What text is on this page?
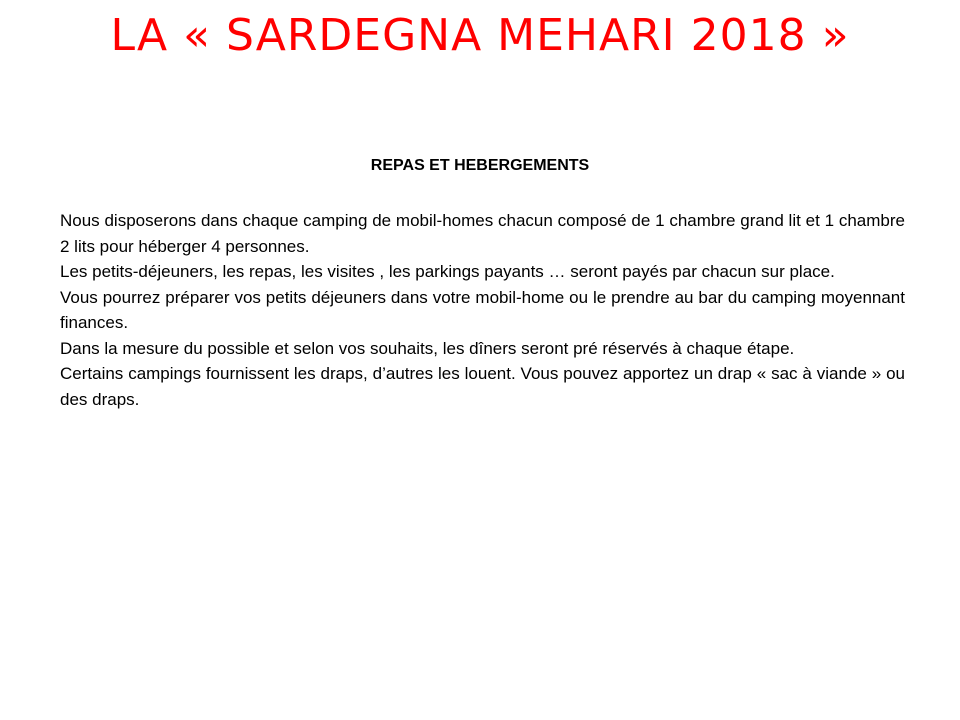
LA « SARDEGNA MEHARI 2018 »
REPAS ET HEBERGEMENTS

Nous disposerons dans chaque camping de mobil-homes chacun composé de 1 chambre grand lit et 1 chambre 2 lits pour héberger 4 personnes.

Les petits-déjeuners, les repas, les visites , les parkings payants … seront payés par chacun sur place.

Vous pourrez préparer vos petits déjeuners dans votre mobil-home ou le prendre au bar du camping moyennant finances.

Dans la mesure du possible et selon vos souhaits, les dîners seront pré réservés à chaque étape.

Certains campings fournissent les draps, d’autres les louent. Vous pouvez apportez un drap « sac à viande » ou des draps.
